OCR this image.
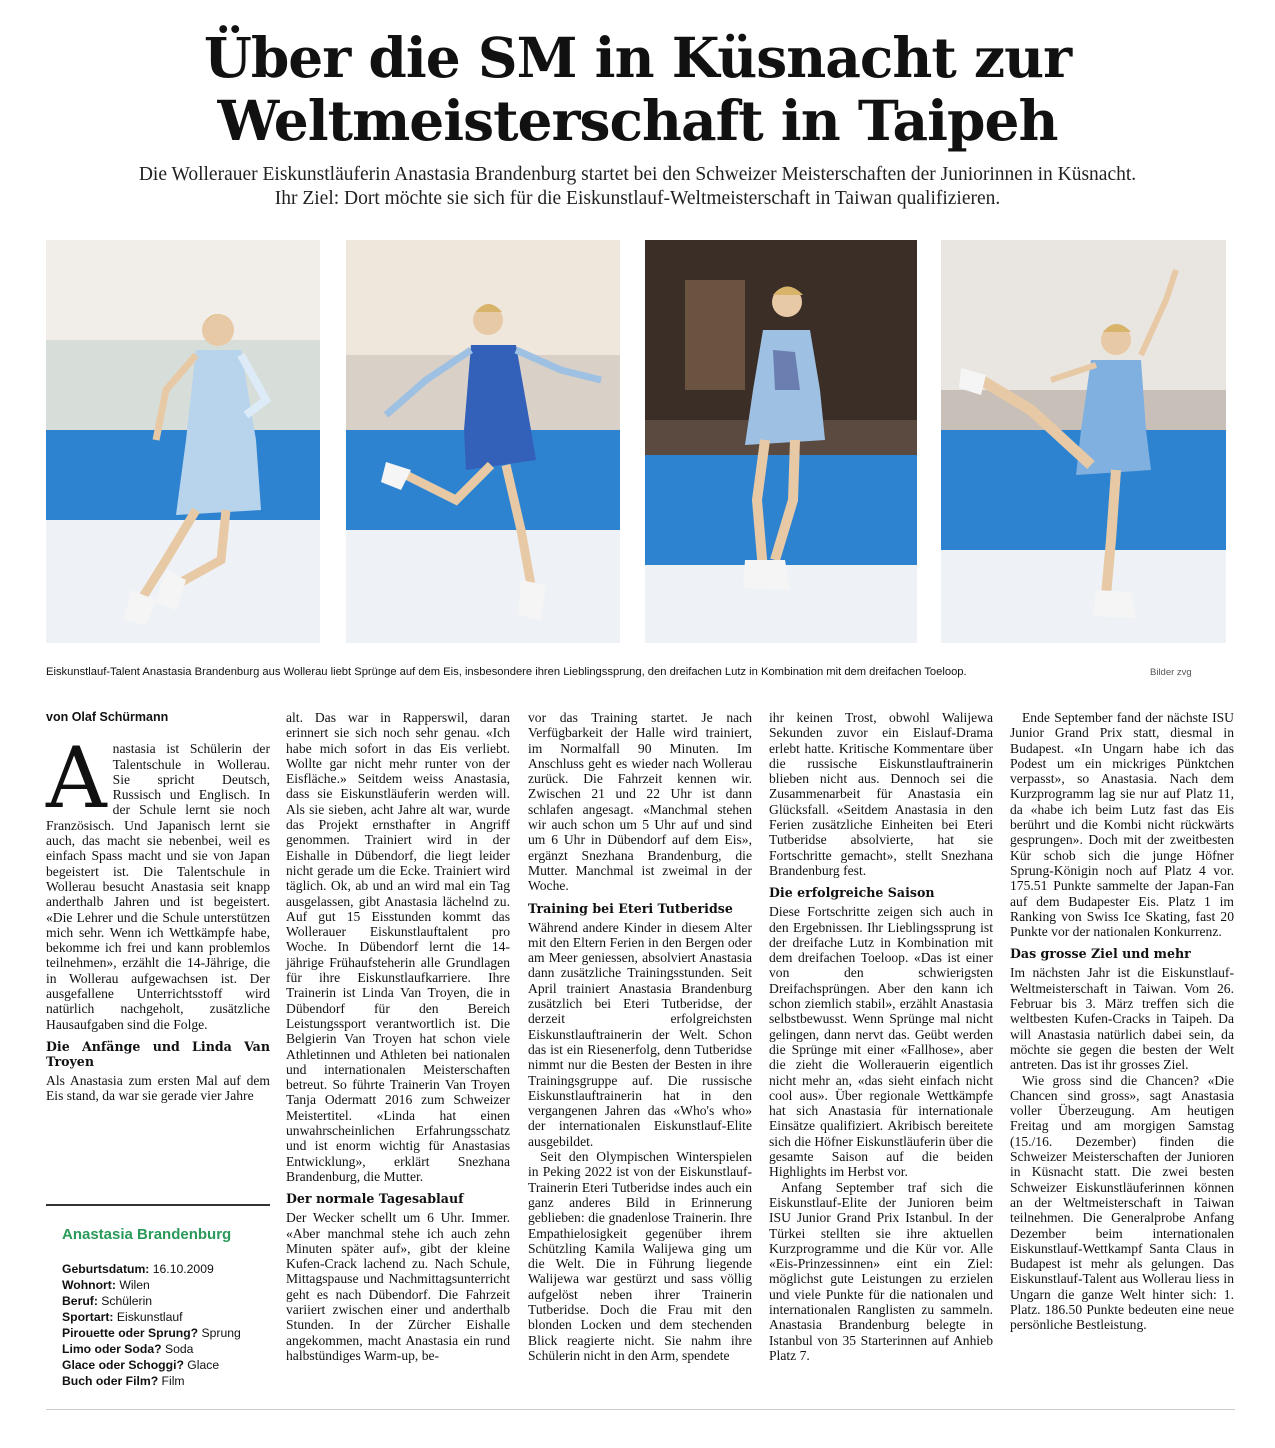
Über die SM in Küsnacht zur
Weltmeisterschaft in Taipeh
Die Wollerauer Eiskunstläuferin Anastasia Brandenburg startet bei den Schweizer Meisterschaften der Juniorinnen in Küsnacht.
Ihr Ziel: Dort möchte sie sich für die Eiskunstlauf-Weltmeisterschaft in Taiwan qualifizieren.
Eiskunstlauf-Talent Anastasia Brandenburg aus Wollerau liebt Sprünge auf dem Eis, insbesondere ihren Lieblingssprung, den dreifachen Lutz in Kombination mit dem dreifachen Toeloop.	Bilder zvg
von Olaf Schürmann

Anastasia ist Schülerin der Talentschule in Wollerau. Sie spricht Deutsch, Russisch und Englisch. In der Schule lernt sie noch Französisch. Und Japanisch lernt sie auch, das macht sie nebenbei, weil es einfach Spass macht und sie von Japan begeistert ist. Die Talentschule in Wollerau besucht Anastasia seit knapp anderthalb Jahren und ist begeistert. «Die Lehrer und die Schule unterstützen mich sehr. Wenn ich Wettkämpfe habe, bekomme ich frei und kann problemlos teilnehmen», erzählt die 14-Jährige, die in Wollerau aufgewachsen ist. Der ausgefallene Unterrichtsstoff wird natürlich nachgeholt, zusätzliche Hausaufgaben sind die Folge.

Die Anfänge und Linda Van Troyen

Als Anastasia zum ersten Mal auf dem Eis stand, da war sie gerade vier Jahre

Anastasia Brandenburg
Geburtsdatum: 16.10.2009
Wohnort: Wilen
Beruf: Schülerin
Sportart: Eiskunstlauf
Pirouette oder Sprung? Sprung
Limo oder Soda? Soda
Glace oder Schoggi? Glace
Buch oder Film? Film

alt. Das war in Rapperswil, daran erinnert sie sich noch sehr genau. «Ich habe mich sofort in das Eis verliebt. Wollte gar nicht mehr runter von der Eisfläche.» Seitdem weiss Anastasia, dass sie Eiskunstläuferin werden will. Als sie sieben, acht Jahre alt war, wurde das Projekt ernsthafter in Angriff genommen. Trainiert wird in der Eishalle in Dübendorf, die liegt leider nicht gerade um die Ecke. Trainiert wird täglich. Ok, ab und an wird mal ein Tag ausgelassen, gibt Anastasia lächelnd zu. Auf gut 15 Eisstunden kommt das Wollerauer Eiskunstlauftalent pro Woche. In Dübendorf lernt die 14-jährige Frühaufsteherin alle Grundlagen für ihre Eiskunstlaufkarriere. Ihre Trainerin ist Linda Van Troyen, die in Dübendorf für den Bereich Leistungssport verantwortlich ist. Die Belgierin Van Troyen hat schon viele Athletinnen und Athleten bei nationalen und internationalen Meisterschaften betreut. So führte Trainerin Van Troyen Tanja Odermatt 2016 zum Schweizer Meistertitel. «Linda hat einen unwahrscheinlichen Erfahrungsschatz und ist enorm wichtig für Anastasias Entwicklung», erklärt Snezhana Brandenburg, die Mutter.

Der normale Tagesablauf

Der Wecker schellt um 6 Uhr. Immer. «Aber manchmal stehe ich auch zehn Minuten später auf», gibt der kleine Kufen-Crack lachend zu. Nach Schule, Mittagspause und Nachmittagsunterricht geht es nach Dübendorf. Die Fahrzeit variiert zwischen einer und anderthalb Stunden. In der Zürcher Eishalle angekommen, macht Anastasia ein rund halbstündiges Warm-up, be-

vor das Training startet. Je nach Verfügbarkeit der Halle wird trainiert, im Normalfall 90 Minuten. Im Anschluss geht es wieder nach Wollerau zurück. Die Fahrzeit kennen wir. Zwischen 21 und 22 Uhr ist dann schlafen angesagt. «Manchmal stehen wir auch schon um 5 Uhr auf und sind um 6 Uhr in Dübendorf auf dem Eis», ergänzt Snezhana Brandenburg, die Mutter. Manchmal ist zweimal in der Woche.

Training bei Eteri Tutberidse

Während andere Kinder in diesem Alter mit den Eltern Ferien in den Bergen oder am Meer geniessen, absolviert Anastasia dann zusätzliche Trainingsstunden. Seit April trainiert Anastasia Brandenburg zusätzlich bei Eteri Tutberidse, der derzeit erfolgreichsten Eiskunstlauftrainerin der Welt. Schon das ist ein Riesenerfolg, denn Tutberidse nimmt nur die Besten der Besten in ihre Trainingsgruppe auf. Die russische Eiskunstlauftrainerin hat in den vergangenen Jahren das «Who's who» der internationalen Eiskunstlauf-Elite ausgebildet.

Seit den Olympischen Winterspielen in Peking 2022 ist von der Eiskunstlauf-Trainerin Eteri Tutberidse indes auch ein ganz anderes Bild in Erinnerung geblieben: die gnadenlose Trainerin. Ihre Empathielosigkeit gegenüber ihrem Schützling Kamila Walijewa ging um die Welt. Die in Führung liegende Walijewa war gestürzt und sass völlig aufgelöst neben ihrer Trainerin Tutberidse. Doch die Frau mit den blonden Locken und dem stechenden Blick reagierte nicht. Sie nahm ihre Schülerin nicht in den Arm, spendete

ihr keinen Trost, obwohl Walijewa Sekunden zuvor ein Eislauf-Drama erlebt hatte. Kritische Kommentare über die russische Eiskunstlauftrainerin blieben nicht aus. Dennoch sei die Zusammenarbeit für Anastasia ein Glücksfall. «Seitdem Anastasia in den Ferien zusätzliche Einheiten bei Eteri Tutberidse absolvierte, hat sie Fortschritte gemacht», stellt Snezhana Brandenburg fest.

Die erfolgreiche Saison

Diese Fortschritte zeigen sich auch in den Ergebnissen. Ihr Lieblingssprung ist der dreifache Lutz in Kombination mit dem dreifachen Toeloop. «Das ist einer von den schwierigsten Dreifachsprüngen. Aber den kann ich schon ziemlich stabil», erzählt Anastasia selbstbewusst. Wenn Sprünge mal nicht gelingen, dann nervt das. Geübt werden die Sprünge mit einer «Fallhose», aber die zieht die Wollerauerin eigentlich nicht mehr an, «das sieht einfach nicht cool aus». Über regionale Wettkämpfe hat sich Anastasia für internationale Einsätze qualifiziert. Akribisch bereitete sich die Höfner Eiskunstläuferin über die gesamte Saison auf die beiden Highlights im Herbst vor.

Anfang September traf sich die Eiskunstlauf-Elite der Junioren beim ISU Junior Grand Prix Istanbul. In der Türkei stellten sie ihre aktuellen Kurzprogramme und die Kür vor. Alle «Eis-Prinzessinnen» eint ein Ziel: möglichst gute Leistungen zu erzielen und viele Punkte für die nationalen und internationalen Ranglisten zu sammeln. Anastasia Brandenburg belegte in Istanbul von 35 Starterinnen auf Anhieb Platz 7.

Ende September fand der nächste ISU Junior Grand Prix statt, diesmal in Budapest. «In Ungarn habe ich das Podest um ein mickriges Pünktchen verpasst», so Anastasia. Nach dem Kurzprogramm lag sie nur auf Platz 11, da «habe ich beim Lutz fast das Eis berührt und die Kombi nicht rückwärts gesprungen». Doch mit der zweitbesten Kür schob sich die junge Höfner Sprung-Königin noch auf Platz 4 vor. 175.51 Punkte sammelte der Japan-Fan auf dem Budapester Eis. Platz 1 im Ranking von Swiss Ice Skating, fast 20 Punkte vor der nationalen Konkurrenz.

Das grosse Ziel und mehr

Im nächsten Jahr ist die Eiskunstlauf-Weltmeisterschaft in Taiwan. Vom 26. Februar bis 3. März treffen sich die weltbesten Kufen-Cracks in Taipeh. Da will Anastasia natürlich dabei sein, da möchte sie gegen die besten der Welt antreten. Das ist ihr grosses Ziel.

Wie gross sind die Chancen? «Die Chancen sind gross», sagt Anastasia voller Überzeugung. Am heutigen Freitag und am morgigen Samstag (15./16. Dezember) finden die Schweizer Meisterschaften der Junioren in Küsnacht statt. Die zwei besten Schweizer Eiskunstläuferinnen können an der Weltmeisterschaft in Taiwan teilnehmen. Die Generalprobe Anfang Dezember beim internationalen Eiskunstlauf-Wettkampf Santa Claus in Budapest ist mehr als gelungen. Das Eiskunstlauf-Talent aus Wollerau liess in Ungarn die ganze Welt hinter sich: 1. Platz. 186.50 Punkte bedeuten eine neue persönliche Bestleistung.
